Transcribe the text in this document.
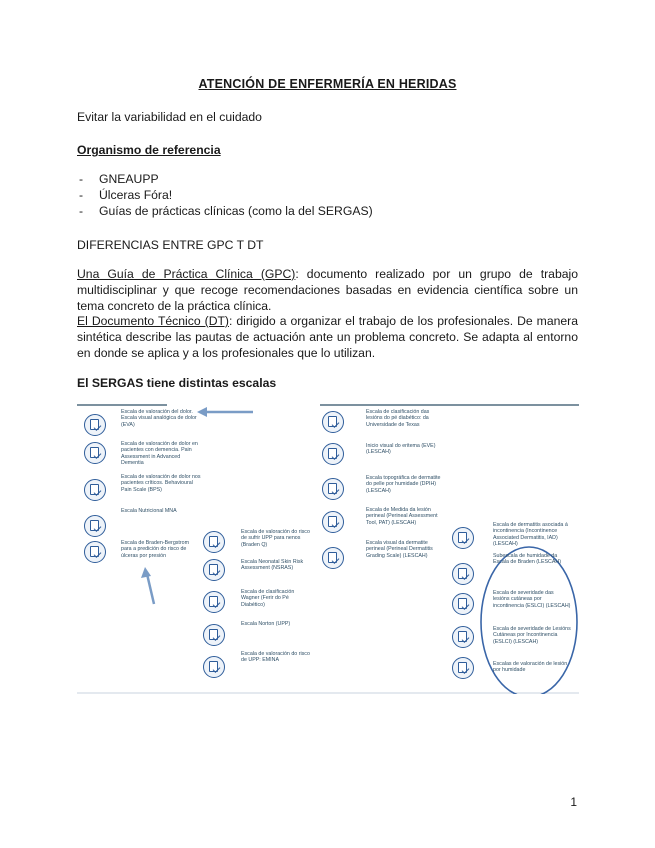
ATENCIÓN DE ENFERMERÍA EN HERIDAS
Evitar la variabilidad en el cuidado
Organismo de referencia
- GNEAUPP
- Úlceras Fóra!
- Guías de prácticas clínicas (como la del SERGAS)
DIFERENCIAS ENTRE GPC T DT
Una Guía de Práctica Clínica (GPC): documento realizado por un grupo de trabajo multidisciplinar y que recoge recomendaciones basadas en evidencia científica sobre un tema concreto de la práctica clínica.
El Documento Técnico (DT): dirigido a organizar el trabajo de los profesionales. De manera sintética describe las pautas de actuación ante un problema concreto. Se adapta al entorno en donde se aplica y a los profesionales que lo utilizan.
El SERGAS tiene distintas escalas
Escala de valoración del dolor. Escala visual analógica de dolor (EVA)
Escala de valoración de dolor en pacientes con demencia. Pain Assessment in Advanced Dementia
Escala de valoración de dolor nos pacientes críticos. Behavioural Pain Scale (BPS)
Escala Nutricional MNA
Escala de Braden-Bergstrom para a predición do risco de úlceras por presión
Escala de valoración do risco de sufrir UPP para nenos (Braden Q)
Escala Neonatal Skin Risk Assessment (NSRAS)
Escala de clasificación Wagner (Ferir do Pé Diabético)
Escala Norton (UPP)
Escala de valoración do risco de UPP: EMINA
Escala de clasificación das lesións do pé diabético: da Universidade de Texas
Inicio visual do eritema (EVE) (LESCAH)
Escala topográfica de dermatite do pelle por humidade (DPIH) (LESCAH)
Escala de Medida da lesión perineal (Perineal Assessment Tool, PAT) (LESCAH)
Escala visual da dermatite perineal (Perineal Dermatitis Grading Scale) (LESCAH)
Escala de dermatitis asociada á incontinencia (Incontinence Associated Dermatitis, IAD) (LESCAH)
Subescala de humidade da Escala de Braden (LESCAH)
Escala de severidade das lesións cutáneas por incontinencia (ESLCI) (LESCAH)
Escala de severidade de Lesións Cutáneas por Incontinencia (ESLCI) (LESCAH)
Escalas de valoración de lesión por humidade
1
